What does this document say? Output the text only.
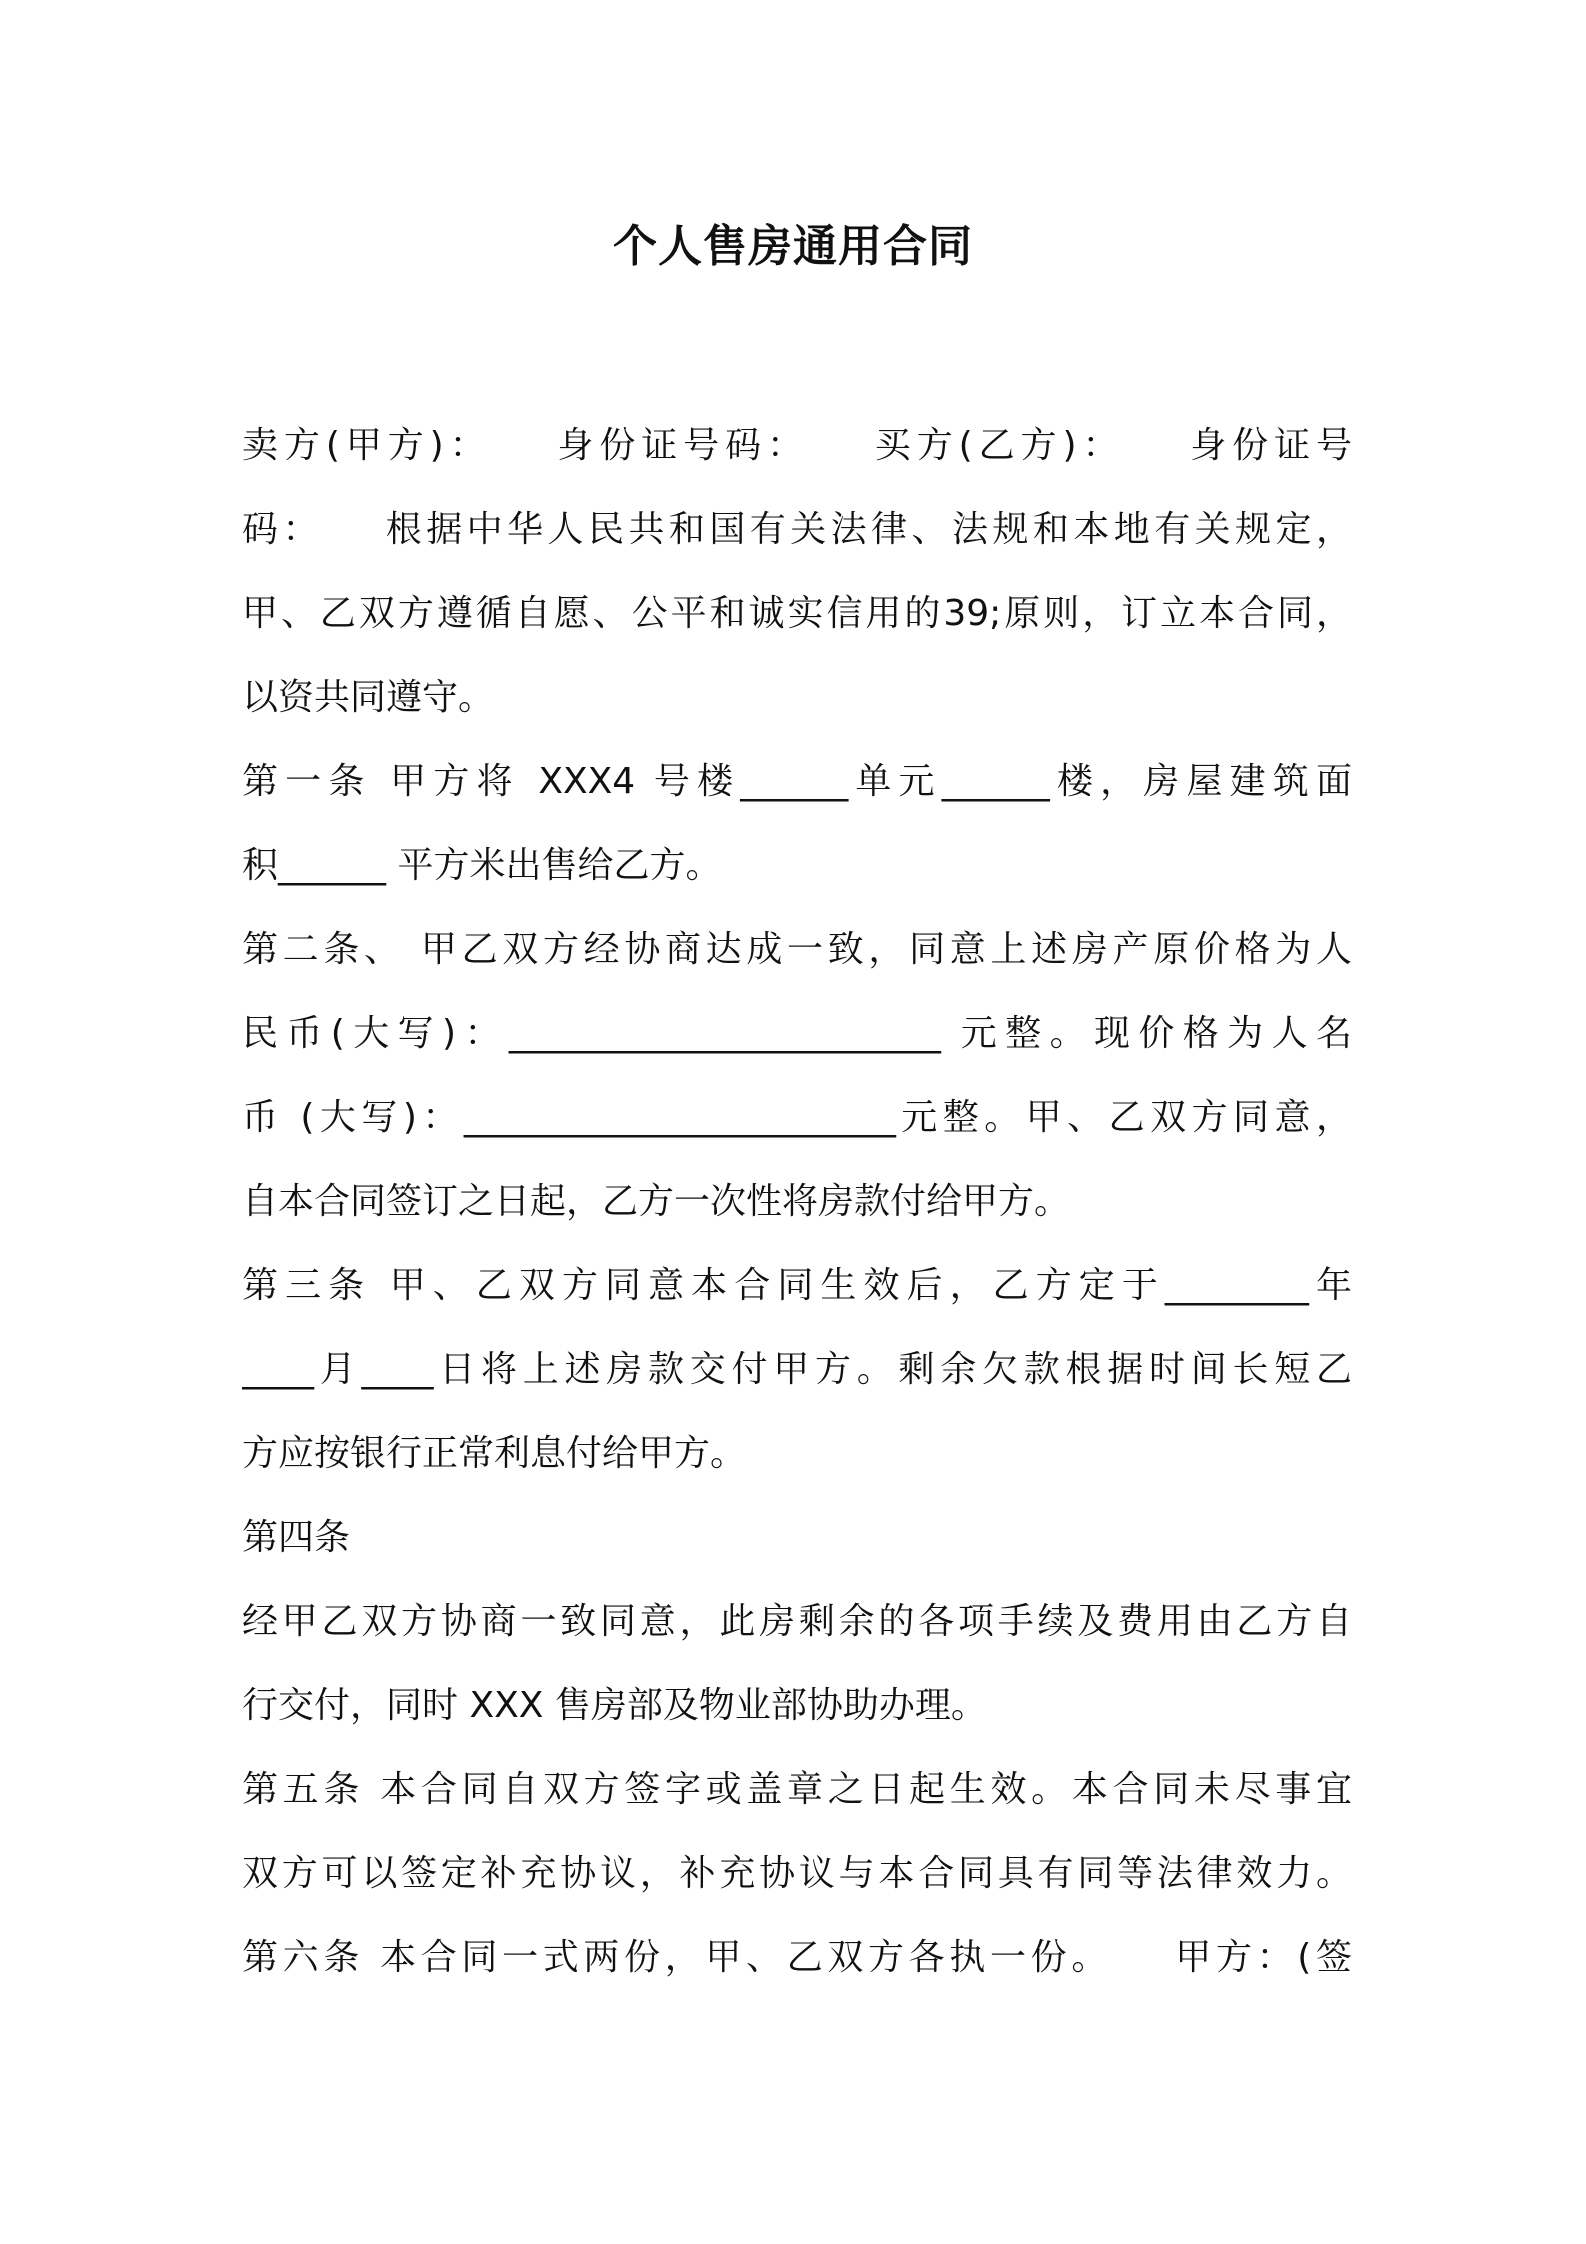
个人售房通用合同
卖方(甲方)：　　身份证号码：　　买方(乙方)：　　身份证号
码：　　根据中华人民共和国有关法律、法规和本地有关规定，
甲、乙双方遵循自愿、公平和诚实信用的39;原则，订立本合同，
以资共同遵守。
第一条 甲方将 XXX4 号楼______单元______楼，房屋建筑面
积______ 平方米出售给乙方。
第二条、 甲乙双方经协商达成一致，同意上述房产原价格为人
民币(大写)：________________________ 元整。现价格为人名
币 (大写)：________________________元整。甲、乙双方同意，
自本合同签订之日起，乙方一次性将房款付给甲方。
第三条 甲、乙双方同意本合同生效后，乙方定于________年
____月____日将上述房款交付甲方。剩余欠款根据时间长短乙
方应按银行正常利息付给甲方。
第四条
经甲乙双方协商一致同意，此房剩余的各项手续及费用由乙方自
行交付，同时 XXX 售房部及物业部协助办理。
第五条 本合同自双方签字或盖章之日起生效。本合同未尽事宜
双方可以签定补充协议，补充协议与本合同具有同等法律效力。
第六条 本合同一式两份，甲、乙双方各执一份。　　甲方：(签
